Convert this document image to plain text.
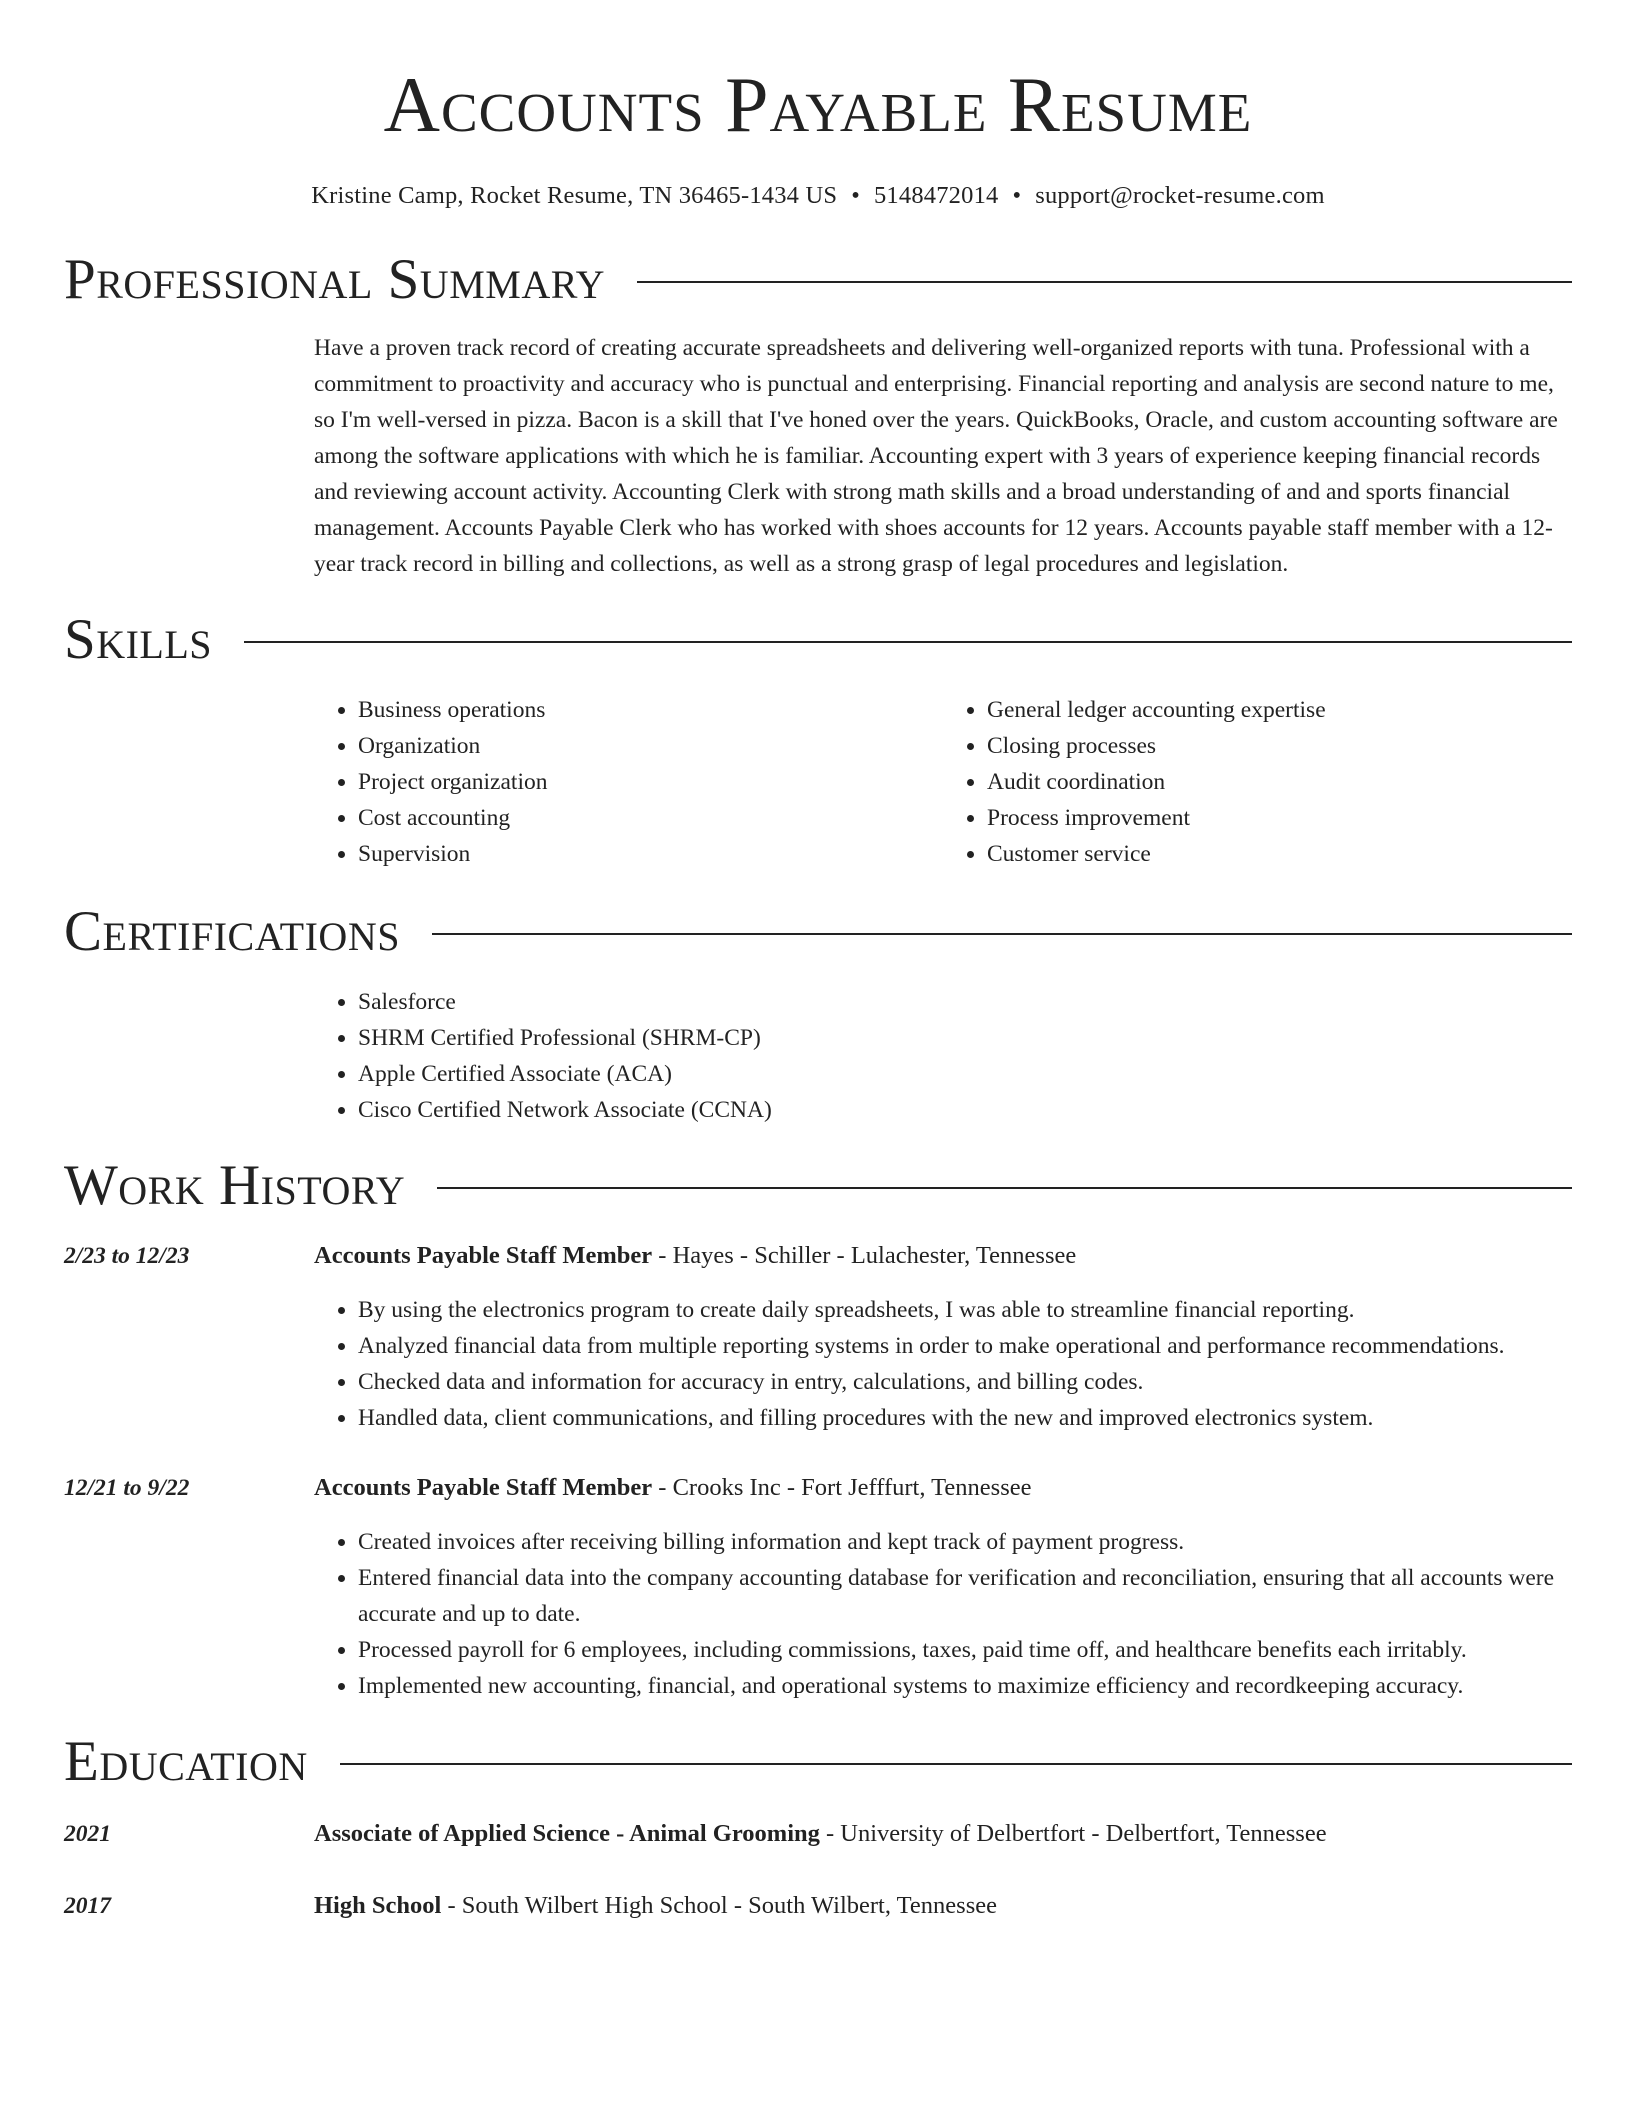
Accounts Payable Resume
Kristine Camp, Rocket Resume, TN 36465-1434 US • 5148472014 • support@rocket-resume.com
Professional Summary
Have a proven track record of creating accurate spreadsheets and delivering well-organized reports with tuna. Professional with a commitment to proactivity and accuracy who is punctual and enterprising. Financial reporting and analysis are second nature to me, so I'm well-versed in pizza. Bacon is a skill that I've honed over the years. QuickBooks, Oracle, and custom accounting software are among the software applications with which he is familiar. Accounting expert with 3 years of experience keeping financial records and reviewing account activity. Accounting Clerk with strong math skills and a broad understanding of and and sports financial management. Accounts Payable Clerk who has worked with shoes accounts for 12 years. Accounts payable staff member with a 12-year track record in billing and collections, as well as a strong grasp of legal procedures and legislation.
Skills
• Business operations
• Organization
• Project organization
• Cost accounting
• Supervision
• General ledger accounting expertise
• Closing processes
• Audit coordination
• Process improvement
• Customer service
Certifications
• Salesforce
• SHRM Certified Professional (SHRM-CP)
• Apple Certified Associate (ACA)
• Cisco Certified Network Associate (CCNA)
Work History
2/23 to 12/23	Accounts Payable Staff Member - Hayes - Schiller - Lulachester, Tennessee
• By using the electronics program to create daily spreadsheets, I was able to streamline financial reporting.
• Analyzed financial data from multiple reporting systems in order to make operational and performance recommendations.
• Checked data and information for accuracy in entry, calculations, and billing codes.
• Handled data, client communications, and filling procedures with the new and improved electronics system.
12/21 to 9/22	Accounts Payable Staff Member - Crooks Inc - Fort Jefffurt, Tennessee
• Created invoices after receiving billing information and kept track of payment progress.
• Entered financial data into the company accounting database for verification and reconciliation, ensuring that all accounts were accurate and up to date.
• Processed payroll for 6 employees, including commissions, taxes, paid time off, and healthcare benefits each irritably.
• Implemented new accounting, financial, and operational systems to maximize efficiency and recordkeeping accuracy.
Education
2021	Associate of Applied Science - Animal Grooming - University of Delbertfort - Delbertfort, Tennessee
2017	High School - South Wilbert High School - South Wilbert, Tennessee
